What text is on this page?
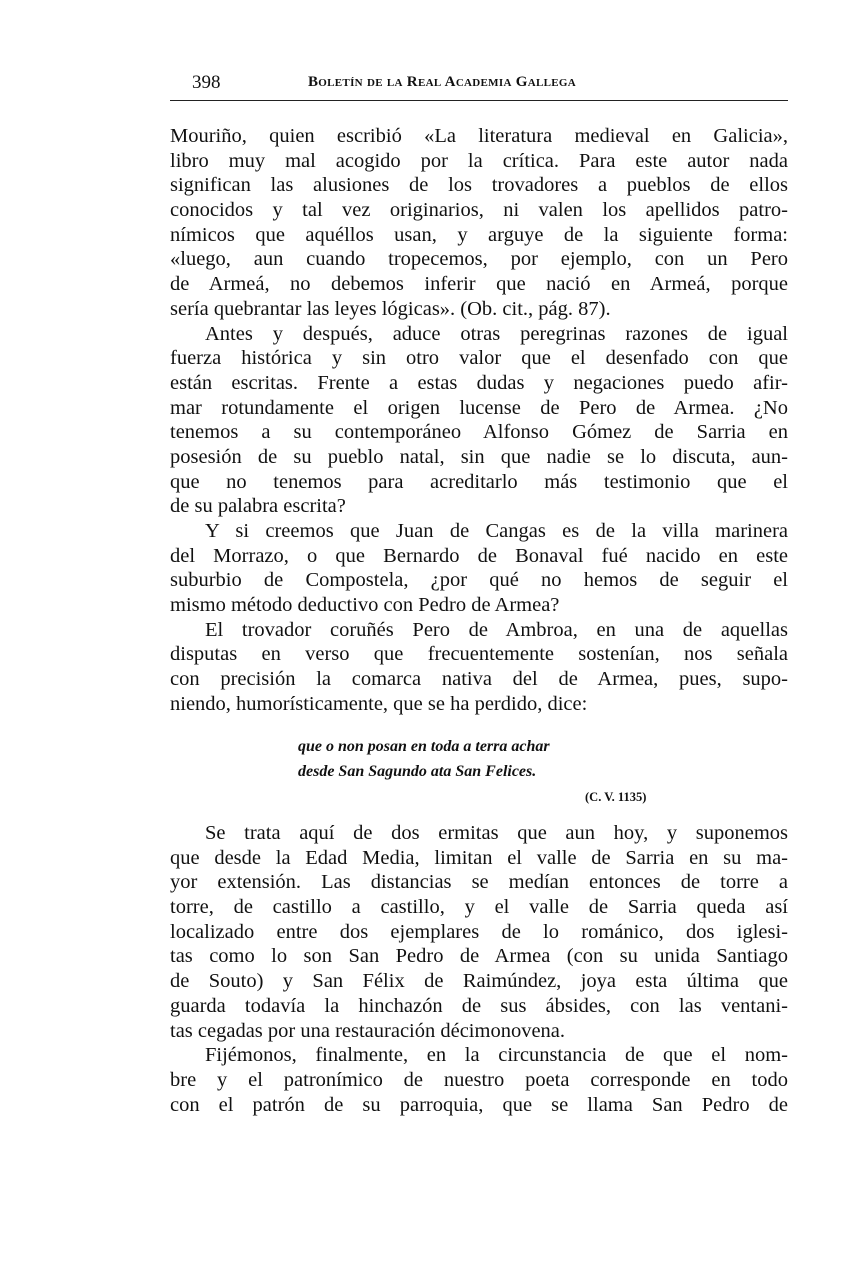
398	Boletín de la Real Academia Gallega
Mouriño, quien escribió «La literatura medieval en Galicia»,
libro muy mal acogido por la crítica. Para este autor nada
significan las alusiones de los trovadores a pueblos de ellos
conocidos y tal vez originarios, ni valen los apellidos patro-
nímicos que aquéllos usan, y arguye de la siguiente forma:
«luego, aun cuando tropecemos, por ejemplo, con un Pero
de Armeá, no debemos inferir que nació en Armeá, porque
sería quebrantar las leyes lógicas». (Ob. cit., pág. 87).
Antes y después, aduce otras peregrinas razones de igual
fuerza histórica y sin otro valor que el desenfado con que
están escritas. Frente a estas dudas y negaciones puedo afir-
mar rotundamente el origen lucense de Pero de Armea. ¿No
tenemos a su contemporáneo Alfonso Gómez de Sarria en
posesión de su pueblo natal, sin que nadie se lo discuta, aun-
que no tenemos para acreditarlo más testimonio que el
de su palabra escrita?
Y si creemos que Juan de Cangas es de la villa marinera
del Morrazo, o que Bernardo de Bonaval fué nacido en este
suburbio de Compostela, ¿por qué no hemos de seguir el
mismo método deductivo con Pedro de Armea?
El trovador coruñés Pero de Ambroa, en una de aquellas
disputas en verso que frecuentemente sostenían, nos señala
con precisión la comarca nativa del de Armea, pues, supo-
niendo, humorísticamente, que se ha perdido, dice:
que o non posan en toda a terra achar
desde San Sagundo ata San Felices.
(C. V. 1135)
Se trata aquí de dos ermitas que aun hoy, y suponemos
que desde la Edad Media, limitan el valle de Sarria en su ma-
yor extensión. Las distancias se medían entonces de torre a
torre, de castillo a castillo, y el valle de Sarria queda así
localizado entre dos ejemplares de lo románico, dos iglesi-
tas como lo son San Pedro de Armea (con su unida Santiago
de Souto) y San Félix de Raimúndez, joya esta última que
guarda todavía la hinchazón de sus ábsides, con las ventani-
tas cegadas por una restauración décimonovena.
Fijémonos, finalmente, en la circunstancia de que el nom-
bre y el patronímico de nuestro poeta corresponde en todo
con el patrón de su parroquia, que se llama San Pedro de
